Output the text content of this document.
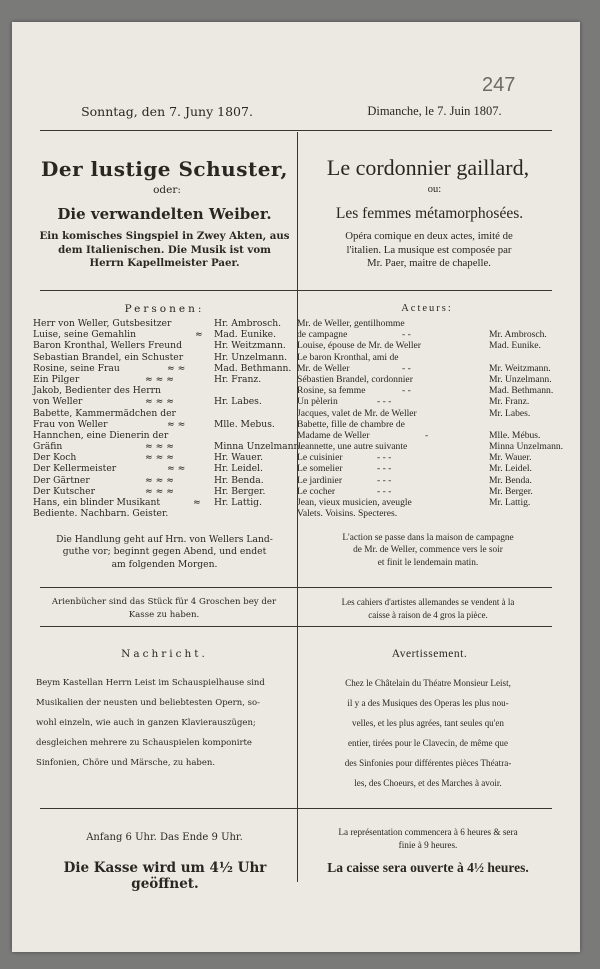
247
Sonntag, den 7. Juny 1807.	Dimanche, le 7. Juin 1807.
Der lustige Schuster,	Le cordonnier gaillard,
oder:	ou:
Die verwandelten Weiber.	Les femmes métamorphosées.
Ein komisches Singspiel in Zwey Akten, aus
dem Italienischen. Die Musik ist vom
Herrn Kapellmeister Paer.
Opéra comique en deux actes, imité de
l'italien. La musique est composée par
Mr. Paer, maitre de chapelle.
Personen:	Acteurs:
Herr von Weller, Gutsbesitzer	Hr. Ambrosch.
Luise, seine Gemahlin	≈ Mad. Eunike.
Baron Kronthal, Wellers Freund	Hr. Weitzmann.
Sebastian Brandel, ein Schuster	Hr. Unzelmann.
Rosine, seine Frau	≈ ≈	Mad. Bethmann.
Ein Pilger	≈ ≈ ≈	Hr. Franz.
Jakob, Bedienter des Herrn
von Weller	≈ ≈ ≈	Hr. Labes.
Babette, Kammermädchen der
Frau von Weller	≈ ≈	Mlle. Mebus.
Hannchen, eine Dienerin der
Gräfin	≈ ≈ ≈	Minna Unzelmann.
Der Koch	≈ ≈ ≈	Hr. Wauer.
Der Kellermeister	≈ ≈	Hr. Leidel.
Der Gärtner	≈ ≈ ≈	Hr. Benda.
Der Kutscher	≈ ≈ ≈	Hr. Berger.
Hans, ein blinder Musikant	≈ Hr. Lattig.
Bediente. Nachbarn. Geister.
Mr. de Weller, gentilhomme
de campagne	- -	Mr. Ambrosch.
Louise, épouse de Mr. de Weller	Mad. Eunike.
Le baron Kronthal, ami de
Mr. de Weller	- -	Mr. Weitzmann.
Sébastien Brandel, cordonnier	Mr. Unzelmann.
Rosine, sa femme	- -	Mad. Bethmann.
Un pèlerin	- - -	Mr. Franz.
Jacques, valet de Mr. de Weller	Mr. Labes.
Babette, fille de chambre de
Madame de Weller	-	Mlle. Mébus.
Jeannette, une autre suivante	Minna Unzelmann.
Le cuisinier	- - -	Mr. Wauer.
Le somelier	- - -	Mr. Leidel.
Le jardinier	- - -	Mr. Benda.
Le cocher	- - -	Mr. Berger.
Jean, vieux musicien, aveugle	Mr. Lattig.
Valets. Voisins. Specteres.
Die Handlung geht auf Hrn. von Wellers Land-
guthe vor; beginnt gegen Abend, und endet
am folgenden Morgen.
L'action se passe dans la maison de campagne
de Mr. de Weller, commence vers le soir
et finit le lendemain matin.
Arienbücher sind das Stück für 4 Groschen bey der
Kasse zu haben.
Les cahiers d'artistes allemandes se vendent à la
caisse à raison de 4 gros la pièce.
Nachricht.	Avertissement.
Beym Kastellan Herrn Leist im Schauspielhause sind
Musikalien der neusten und beliebtesten Opern, so-
wohl einzeln, wie auch in ganzen Klavierauszügen;
desgleichen mehrere zu Schauspielen komponirte
Sinfonien, Chöre und Märsche, zu haben.
Chez le Châtelain du Théatre Monsieur Leist,
il y a des Musiques des Operas les plus nou-
velles, et les plus agrées, tant seules qu'en
entier, tirées pour le Clavecin, de même que
des Sinfonies pour différentes pièces Théatra-
les, des Choeurs, et des Marches à avoir.
Anfang 6 Uhr. Das Ende 9 Uhr.	La représentation commencera à 6 heures & sera
finie à 9 heures.
Die Kasse wird um 4½ Uhr geöffnet.
La caisse sera ouverte à 4½ heures.
